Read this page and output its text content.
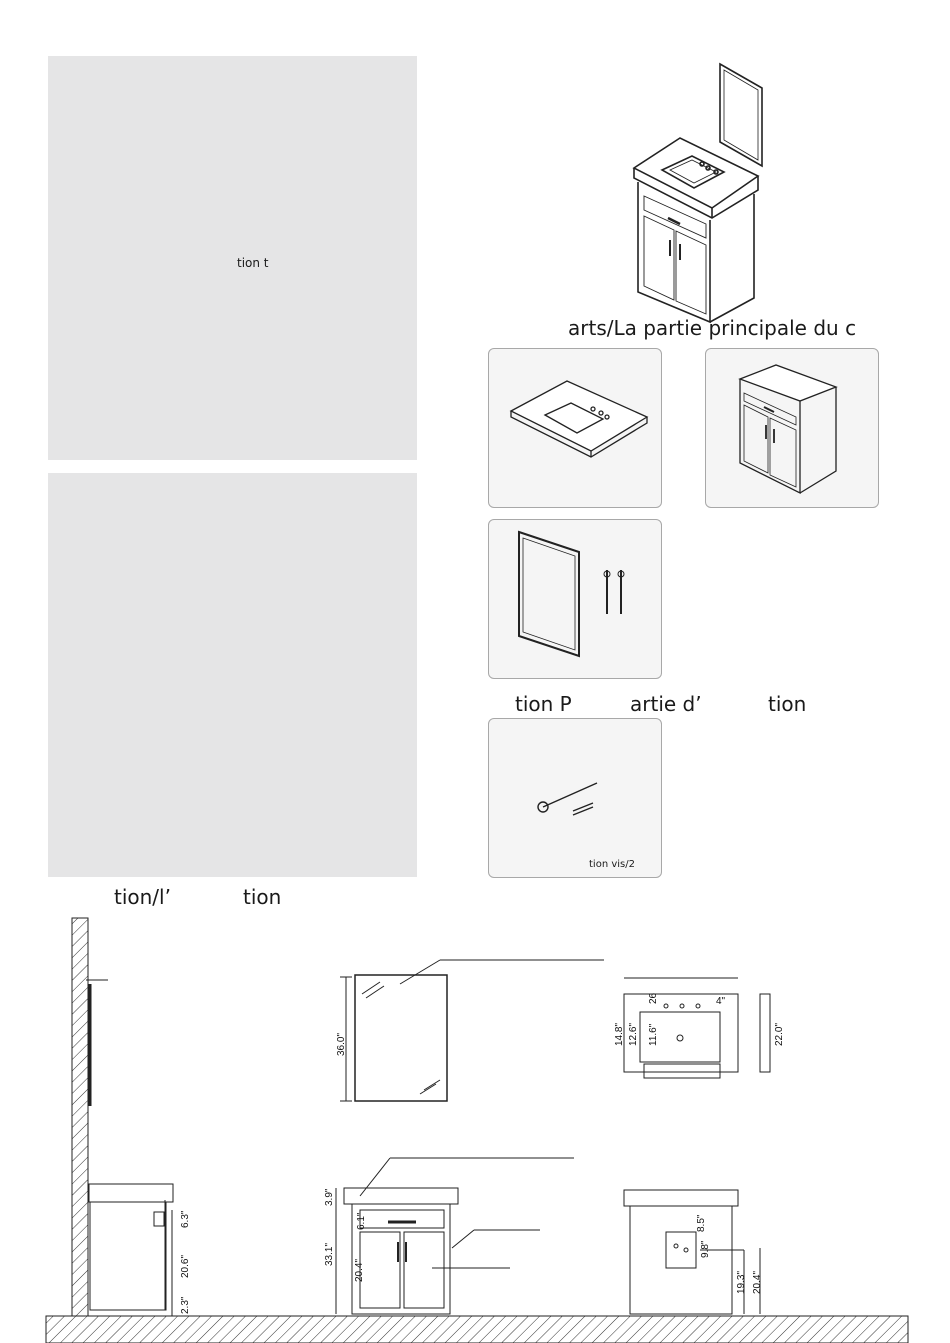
tion t
arts/La partie principale du c
tion P	artie d’	tion
tion vis/2
tion/l’	tion
36.0"
26	4"
14.8" 12.6" 11.6"	22.0"
3.9"
6.1"
33.1"
20.4"
6.3"
20.6"
2.3"
8.5"
9.8"
19.3" 20.4"
